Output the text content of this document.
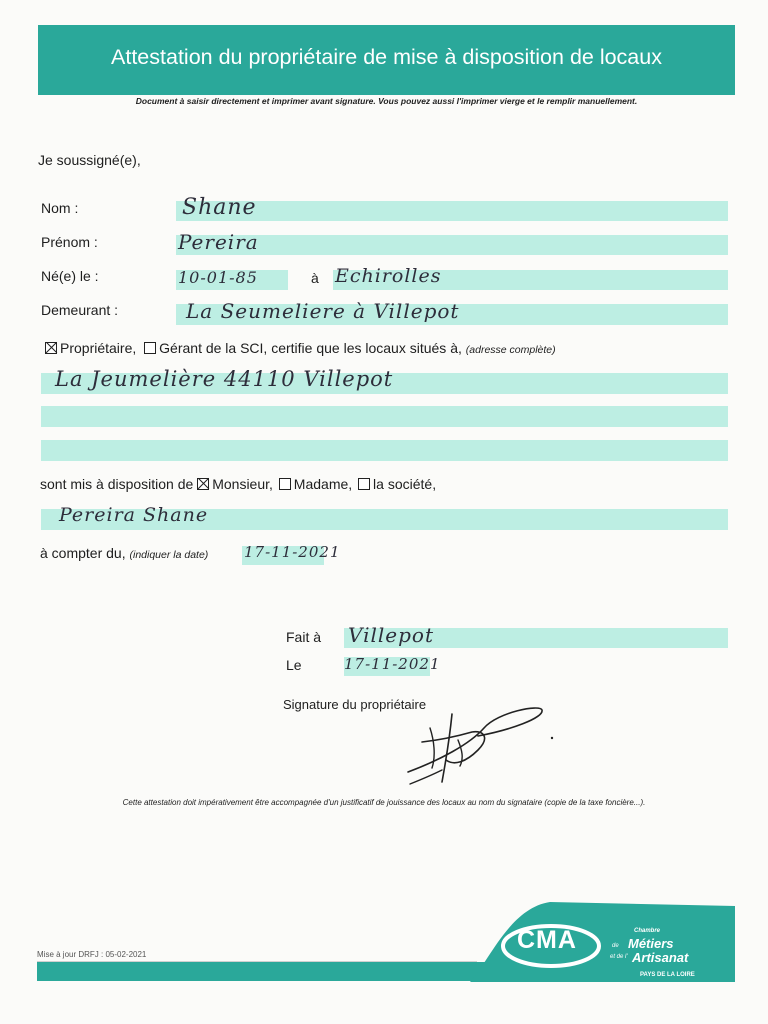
Attestation du propriétaire de mise à disposition de locaux
Document à saisir directement et imprimer avant signature. Vous pouvez aussi l'imprimer vierge et le remplir manuellement.
Je soussigné(e),
Nom :	Shane
Prénom :	Pereira
Né(e) le :	10-01-85	à Echirolles
Demeurant :	La Seumeliere à Villepot
Propriétaire, Gérant de la SCI, certifie que les locaux situés à, (adresse complète)
La Jeumelière 44110 Villepot
sont mis à disposition de Monsieur, Madame, la société,
Pereira Shane
à compter du, (indiquer la date) 17-11-2021
Fait à Villepot
Le	17-11-2021
Signature du propriétaire
Cette attestation doit impérativement être accompagnée d'un justificatif de jouissance des locaux au nom du signataire (copie de la taxe foncière...).
Mise à jour DRFJ : 05-02-2021
CMA	Chambre
de Métiers
et de l' Artisanat
PAYS DE LA LOIRE
